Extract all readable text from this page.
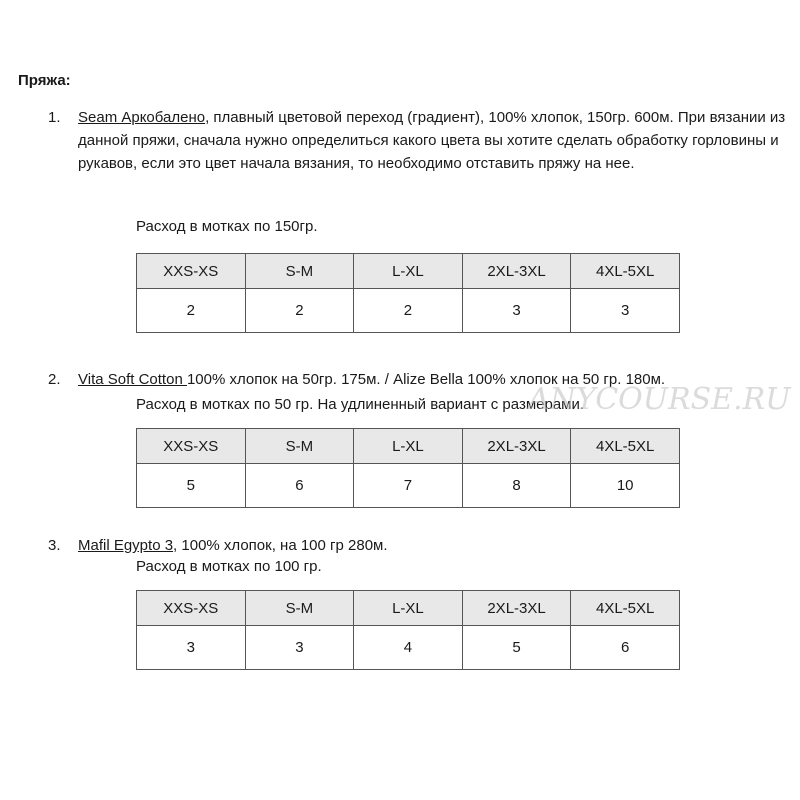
Пряжа:
1. Seam Аркобалено, плавный цветовой переход (градиент), 100% хлопок, 150гр. 600м. При вязании из данной пряжи, сначала нужно определиться какого цвета вы хотите сделать обработку горловины и рукавов, если это цвет начала вязания, то необходимо отставить пряжу на нее.
Расход в мотках по 150гр.
XXS-XS	S-M	L-XL	2XL-3XL	4XL-5XL
2	2	2	3	3
2. Vita Soft Cotton 100% хлопок на 50гр. 175м. / Alize Bella 100% хлопок на 50 гр. 180м.
Расход в мотках по 50 гр. На удлиненный вариант с размерами.
XXS-XS	S-M	L-XL	2XL-3XL	4XL-5XL
5	6	7	8	10
3. Mafil Egypto 3, 100% хлопок, на 100 гр 280м.
Расход в мотках по 100 гр.
XXS-XS	S-M	L-XL	2XL-3XL	4XL-5XL
3	3	4	5	6
ANYCOURSE.RU
